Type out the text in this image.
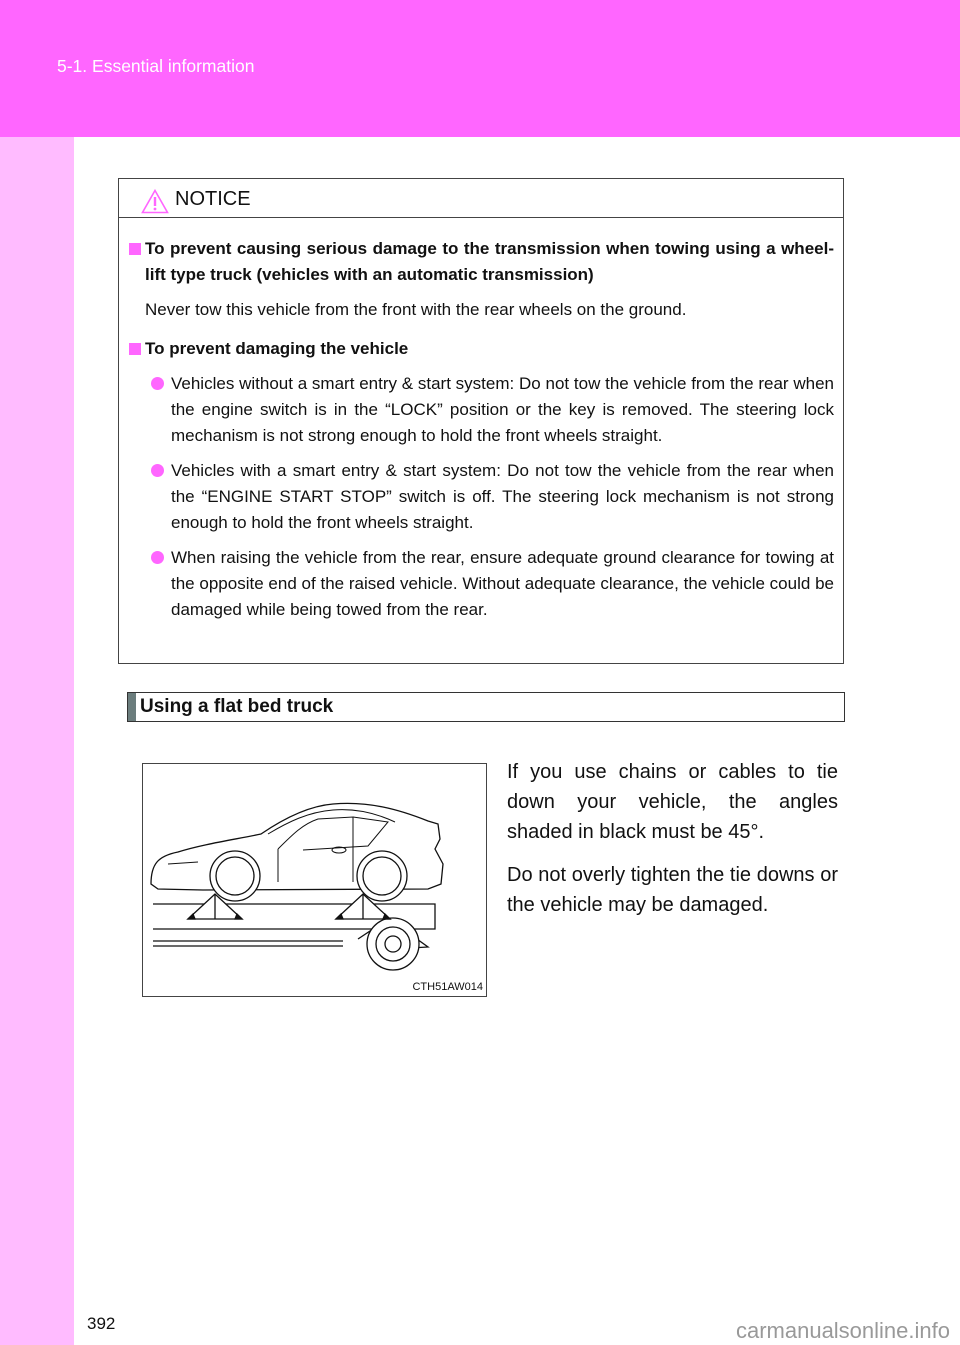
5-1. Essential information
NOTICE
To prevent causing serious damage to the transmission when towing using a wheel-lift type truck (vehicles with an automatic transmission)
Never tow this vehicle from the front with the rear wheels on the ground.
To prevent damaging the vehicle
Vehicles without a smart entry & start system: Do not tow the vehicle from the rear when the engine switch is in the “LOCK” position or the key is removed. The steering lock mechanism is not strong enough to hold the front wheels straight.
Vehicles with a smart entry & start system: Do not tow the vehicle from the rear when the “ENGINE START STOP” switch is off. The steering lock mechanism is not strong enough to hold the front wheels straight.
When raising the vehicle from the rear, ensure adequate ground clearance for towing at the opposite end of the raised vehicle. Without adequate clearance, the vehicle could be damaged while being towed from the rear.
Using a flat bed truck
CTH51AW014

If you use chains or cables to tie down your vehicle, the angles shaded in black must be 45°.

Do not overly tighten the tie downs or the vehicle may be damaged.

392	carmanualsonline.info
